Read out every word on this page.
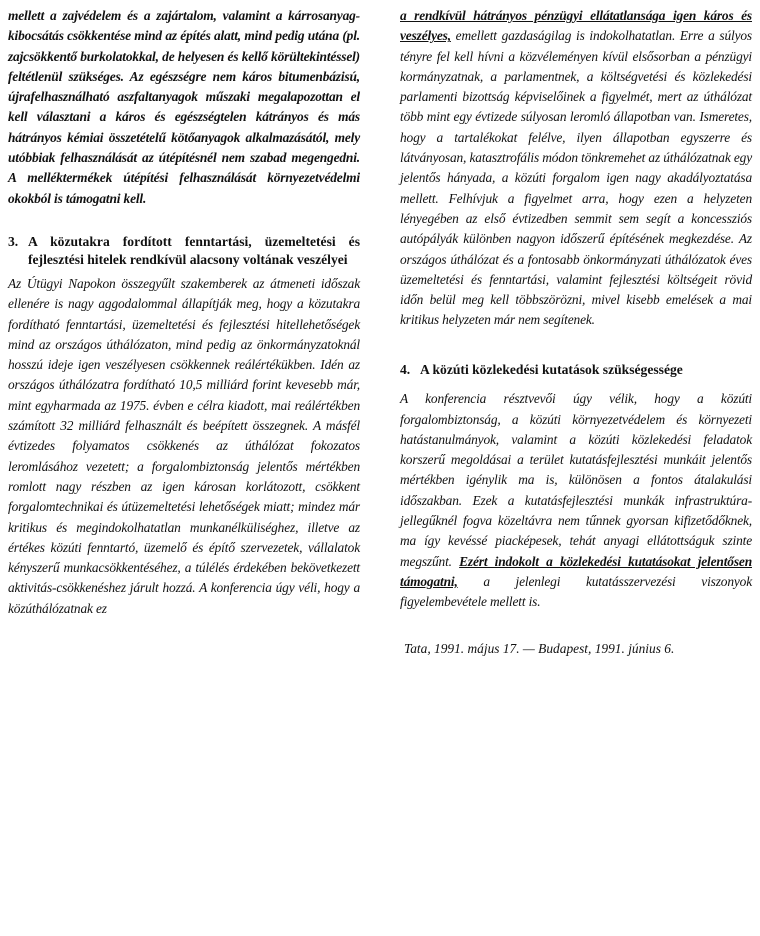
mellett a zajvédelem és a zajártalom, valamint a kárrosanyag-kibocsátás csökkentése mind az építés alatt, mind pedig utána (pl. zajcsökkentő burkolatokkal, de helyesen és kellő körültekintéssel) feltétlenül szükséges. Az egészségre nem káros bitumenbázisú, újrafelhasználható aszfaltanyagok műszaki megalapozottan el kell választani a káros és egészségtelen kátrányos és más hátrányos kémiai összetételű kötőanyagok alkalmazásától, mely utóbbiak felhasználását az útépítésnél nem szabad megengedni. A melléktermékek útépítési felhasználását környezetvédelmi okokból is támogatni kell.

3. A közutakra fordított fenntartási, üzemeltetési és fejlesztési hitelek rendkívül alacsony voltának veszélyei

Az Útügyi Napokon összegyűlt szakemberek az átmeneti időszak ellenére is nagy aggodalommal állapítják meg, hogy a közutakra fordítható fenntartási, üzemeltetési és fejlesztési hitellehetőségek mind az országos úthálózaton, mind pedig az önkormányzatoknál hosszú ideje igen veszélyesen csökkennek reálértékükben. Idén az országos úthálózatra fordítható 10,5 milliárd forint kevesebb már, mint egyharmada az 1975. évben e célra kiadott, mai reálértékben számított 32 milliárd felhasznált és beépített összegnek. A másfél évtizedes folyamatos csökkenés az úthálózat fokozatos leromlásához vezetett; a forgalombiztonság jelentős mértékben romlott nagy részben az igen károsan korlátozott, csökkent forgalomtechnikai és útüzemeltetési lehetőségek miatt; mindez már kritikus és megindokolhatatlan munkanélküliséghez, illetve az értékes közúti fenntartó, üzemelő és építő szervezetek, vállalatok kényszerű munkacsökkentéséhez, a túlélés érdekében bekövetkezett aktivitás-csökkenéshez járult hozzá. A konferencia úgy véli, hogy a közúthálózatnak ez

a rendkívül hátrányos pénzügyi ellátatlansága igen káros és veszélyes, emellett gazdaságilag is indokolhatatlan. Erre a súlyos tényre fel kell hívni a közvéleményen kívül elsősorban a pénzügyi kormányzatnak, a parlamentnek, a költségvetési és közlekedési parlamenti bizottság képviselőinek a figyelmét, mert az úthálózat több mint egy évtizede súlyosan leromló állapotban van. Ismeretes, hogy a tartalékokat felélve, ilyen állapotban egyszerre és látványosan, katasztrofális módon tönkremehet az úthálózatnak egy jelentős hányada, a közúti forgalom igen nagy akadályoztatása mellett. Felhívjuk a figyelmet arra, hogy ezen a helyzeten lényegében az első évtizedben semmit sem segít a koncessziós autópályák különben nagyon időszerű építésének megkezdése. Az országos úthálózat és a fontosabb önkormányzati úthálózatok éves üzemeltetési és fenntartási, valamint fejlesztési költségeit rövid időn belül meg kell többszörözni, mivel kisebb emelések a mai kritikus helyzeten már nem segítenek.

4. A közúti közlekedési kutatások szükségessége

A konferencia résztvevői úgy vélik, hogy a közúti forgalombiztonság, a közúti környezetvédelem és környezeti hatástanulmányok, valamint a közúti közlekedési feladatok korszerű megoldásai a terület kutatásfejlesztési munkáit jelentős mértékben igénylik ma is, különösen a fontos átalakulási időszakban. Ezek a kutatásfejlesztési munkák infrastruktúra-jellegűknél fogva közeltávra nem tűnnek gyorsan kifizetődőknek, ma így kevéssé piacképesek, tehát anyagi ellátottságuk szinte megszűnt. Ezért indokolt a közlekedési kutatásokat jelentősen támogatni, a jelenlegi kutatásszervezési viszonyok figyelembevétele mellett is.

Tata, 1991. május 17. — Budapest, 1991. június 6.
